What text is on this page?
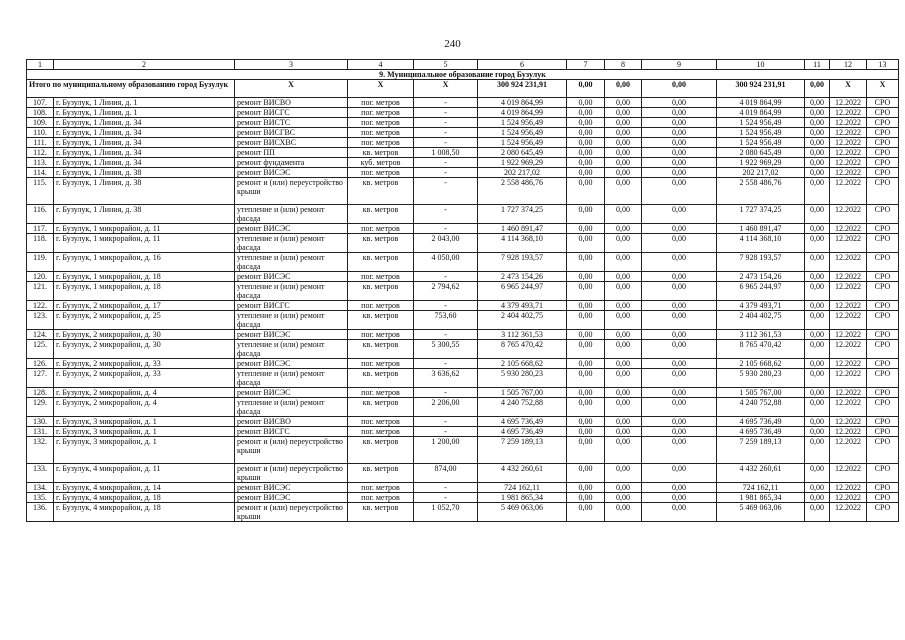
240
1	2	3	4	5	6	7	8	9	10	11	12	13
9. Муниципальное образование город Бузулук												
Итого по муниципальному образованию город Бузулук		X	X	X	300 924 231,91	0,00	0,00	0,00	300 924 231,91	0,00	X	X
107.	г. Бузулук, 1 Линия, д. 1	ремонт ВИСВО	пог. метров	-	4 019 864,99	0,00	0,00	0,00	4 019 864,99	0,00	12.2022	СРО
108.	г. Бузулук, 1 Линия, д. 1	ремонт ВИСГС	пог. метров	-	4 019 864,99	0,00	0,00	0,00	4 019 864,99	0,00	12.2022	СРО
109.	г. Бузулук, 1 Линия, д. 34	ремонт ВИСТС	пог. метров	-	1 524 956,49	0,00	0,00	0,00	1 524 956,49	0,00	12.2022	СРО
110.	г. Бузулук, 1 Линия, д. 34	ремонт ВИСГВС	пог. метров	-	1 524 956,49	0,00	0,00	0,00	1 524 956,49	0,00	12.2022	СРО
111.	г. Бузулук, 1 Линия, д. 34	ремонт ВИСХВС	пог. метров	-	1 524 956,49	0,00	0,00	0,00	1 524 956,49	0,00	12.2022	СРО
112.	г. Бузулук, 1 Линия, д. 34	ремонт ПП	кв. метров	1 008,50	2 080 645,49	0,00	0,00	0,00	2 080 645,49	0,00	12.2022	СРО
113.	г. Бузулук, 1 Линия, д. 34	ремонт фундамента	куб. метров	-	1 922 969,29	0,00	0,00	0,00	1 922 969,29	0,00	12.2022	СРО
114.	г. Бузулук, 1 Линия, д. 38	ремонт ВИСЭС	пог. метров	-	202 217,02	0,00	0,00	0,00	202 217,02	0,00	12.2022	СРО
115.	г. Бузулук, 1 Линия, д. 38	ремонт и (или) переустройство крыши	кв. метров	-	2 558 486,76	0,00	0,00	0,00	2 558 486,76	0,00	12.2022	СРО
116.	г. Бузулук, 1 Линия, д. 38	утепление и (или) ремонт фасада	кв. метров	-	1 727 374,25	0,00	0,00	0,00	1 727 374,25	0,00	12.2022	СРО
117.	г. Бузулук, 1 микрорайон, д. 11	ремонт ВИСЭС	пог. метров	-	1 460 891,47	0,00	0,00	0,00	1 460 891,47	0,00	12.2022	СРО
118.	г. Бузулук, 1 микрорайон, д. 11	утепление и (или) ремонт фасада	кв. метров	2 043,00	4 114 368,10	0,00	0,00	0,00	4 114 368,10	0,00	12.2022	СРО
119.	г. Бузулук, 1 микрорайон, д. 16	утепление и (или) ремонт фасада	кв. метров	4 050,00	7 928 193,57	0,00	0,00	0,00	7 928 193,57	0,00	12.2022	СРО
120.	г. Бузулук, 1 микрорайон, д. 18	ремонт ВИСЭС	пог. метров	-	2 473 154,26	0,00	0,00	0,00	2 473 154,26	0,00	12.2022	СРО
121.	г. Бузулук, 1 микрорайон, д. 18	утепление и (или) ремонт фасада	кв. метров	2 794,62	6 965 244,97	0,00	0,00	0,00	6 965 244,97	0,00	12.2022	СРО
122.	г. Бузулук, 2 микрорайон, д. 17	ремонт ВИСГС	пог. метров	-	4 379 493,71	0,00	0,00	0,00	4 379 493,71	0,00	12.2022	СРО
123.	г. Бузулук, 2 микрорайон, д. 25	утепление и (или) ремонт фасада	кв. метров	753,60	2 404 402,75	0,00	0,00	0,00	2 404 402,75	0,00	12.2022	СРО
124.	г. Бузулук, 2 микрорайон, д. 30	ремонт ВИСЭС	пог. метров	-	3 112 361,53	0,00	0,00	0,00	3 112 361,53	0,00	12.2022	СРО
125.	г. Бузулук, 2 микрорайон, д. 30	утепление и (или) ремонт фасада	кв. метров	5 300,55	8 765 470,42	0,00	0,00	0,00	8 765 470,42	0,00	12.2022	СРО
126.	г. Бузулук, 2 микрорайон, д. 33	ремонт ВИСЭС	пог. метров	-	2 105 668,62	0,00	0,00	0,00	2 105 668,62	0,00	12.2022	СРО
127.	г. Бузулук, 2 микрорайон, д. 33	утепление и (или) ремонт фасада	кв. метров	3 636,62	5 930 280,23	0,00	0,00	0,00	5 930 280,23	0,00	12.2022	СРО
128.	г. Бузулук, 2 микрорайон, д. 4	ремонт ВИСЭС	пог. метров	-	1 505 767,00	0,00	0,00	0,00	1 505 767,00	0,00	12.2022	СРО
129.	г. Бузулук, 2 микрорайон, д. 4	утепление и (или) ремонт фасада	кв. метров	2 206,00	4 240 752,88	0,00	0,00	0,00	4 240 752,88	0,00	12.2022	СРО
130.	г. Бузулук, 3 микрорайон, д. 1	ремонт ВИСВО	пог. метров	-	4 695 736,49	0,00	0,00	0,00	4 695 736,49	0,00	12.2022	СРО
131.	г. Бузулук, 3 микрорайон, д. 1	ремонт ВИСГС	пог. метров	-	4 695 736,49	0,00	0,00	0,00	4 695 736,49	0,00	12.2022	СРО
132.	г. Бузулук, 3 микрорайон, д. 1	ремонт и (или) переустройство крыши	кв. метров	1 200,00	7 259 189,13	0,00	0,00	0,00	7 259 189,13	0,00	12.2022	СРО
133.	г. Бузулук, 4 микрорайон, д. 11	ремонт и (или) переустройство крыши	кв. метров	874,00	4 432 260,61	0,00	0,00	0,00	4 432 260,61	0,00	12.2022	СРО
134.	г. Бузулук, 4 микрорайон, д. 14	ремонт ВИСЭС	пог. метров	-	724 162,11	0,00	0,00	0,00	724 162,11	0,00	12.2022	СРО
135.	г. Бузулук, 4 микрорайон, д. 18	ремонт ВИСЭС	пог. метров	-	1 981 865,34	0,00	0,00	0,00	1 981 865,34	0,00	12.2022	СРО
136.	г. Бузулук, 4 микрорайон, д. 18	ремонт и (или) переустройство крыши	кв. метров	1 052,70	5 469 063,06	0,00	0,00	0,00	5 469 063,06	0,00	12.2022	СРО
